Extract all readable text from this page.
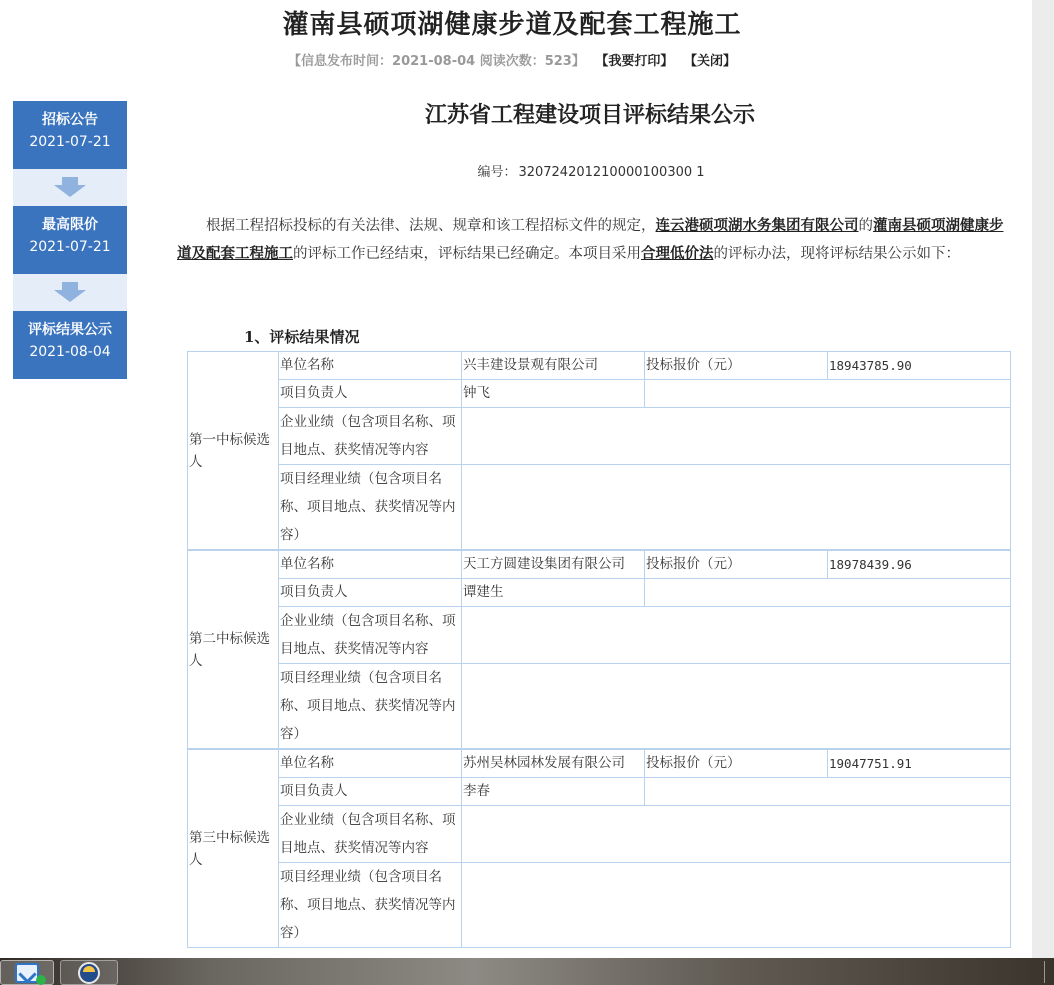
灌南县硕项湖健康步道及配套工程施工
【信息发布时间：2021-08-04 阅读次数：523】 【我要打印】 【关闭】
招标公告
2021-07-21
最高限价
2021-07-21
评标结果公示
2021-08-04
江苏省工程建设项目评标结果公示
编号： 320724201210000100300 1

根据工程招标投标的有关法律、法规、规章和该工程招标文件的规定，连云港硕项湖水务集团有限公司的灌南县硕项湖健康步道及配套工程施工的评标工作已经结束，评标结果已经确定。本项目采用合理低价法的评标办法，现将评标结果公示如下：

1、评标结果情况
第一中标候选人	单位名称	兴丰建设景观有限公司	投标报价（元）	18943785.90
	项目负责人	钟飞		
	企业业绩（包含项目名称、项目地点、获奖情况等内容			
	项目经理业绩（包含项目名称、项目地点、获奖情况等内容）			
第二中标候选人	单位名称	天工方圆建设集团有限公司	投标报价（元）	18978439.96
	项目负责人	谭建生		
	企业业绩（包含项目名称、项目地点、获奖情况等内容			
	项目经理业绩（包含项目名称、项目地点、获奖情况等内容）			
第三中标候选人	单位名称	苏州吴林园林发展有限公司	投标报价（元）	19047751.91
	项目负责人	李春		
	企业业绩（包含项目名称、项目地点、获奖情况等内容			
	项目经理业绩（包含项目名称、项目地点、获奖情况等内容）			
